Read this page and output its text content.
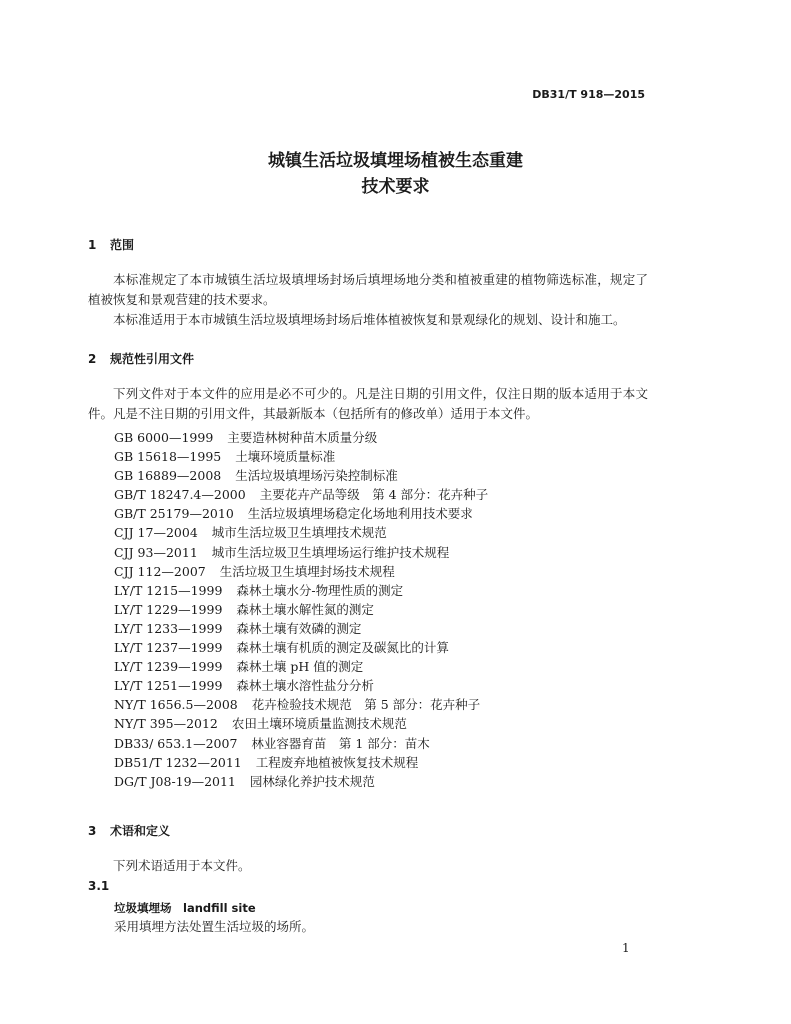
DB31/T 918—2015
城镇生活垃圾填埋场植被生态重建
技术要求
1 范围

本标准规定了本市城镇生活垃圾填埋场封场后填埋场地分类和植被重建的植物筛选标准，规定了植被恢复和景观营建的技术要求。

本标准适用于本市城镇生活垃圾填埋场封场后堆体植被恢复和景观绿化的规划、设计和施工。

2 规范性引用文件

下列文件对于本文件的应用是必不可少的。凡是注日期的引用文件，仅注日期的版本适用于本文件。凡是不注日期的引用文件，其最新版本（包括所有的修改单）适用于本文件。

GB 6000—1999 主要造林树种苗木质量分级
GB 15618—1995 土壤环境质量标准
GB 16889—2008 生活垃圾填埋场污染控制标准
GB/T 18247.4—2000 主要花卉产品等级　第 4 部分：花卉种子
GB/T 25179—2010 生活垃圾填埋场稳定化场地利用技术要求
CJJ 17—2004 城市生活垃圾卫生填埋技术规范
CJJ 93—2011 城市生活垃圾卫生填埋场运行维护技术规程
CJJ 112—2007 生活垃圾卫生填埋封场技术规程
LY/T 1215—1999 森林土壤水分-物理性质的测定
LY/T 1229—1999 森林土壤水解性氮的测定
LY/T 1233—1999 森林土壤有效磷的测定
LY/T 1237—1999 森林土壤有机质的测定及碳氮比的计算
LY/T 1239—1999 森林土壤 pH 值的测定
LY/T 1251—1999 森林土壤水溶性盐分分析
NY/T 1656.5—2008 花卉检验技术规范　第 5 部分：花卉种子
NY/T 395—2012 农田土壤环境质量监测技术规范
DB33/ 653.1—2007 林业容器育苗　第 1 部分：苗木
DB51/T 1232—2011 工程废弃地植被恢复技术规程
DG/T J08-19—2011 园林绿化养护技术规范
3 术语和定义

下列术语适用于本文件。

3.1
垃圾填埋场　landfill site
采用填埋方法处置生活垃圾的场所。
1
